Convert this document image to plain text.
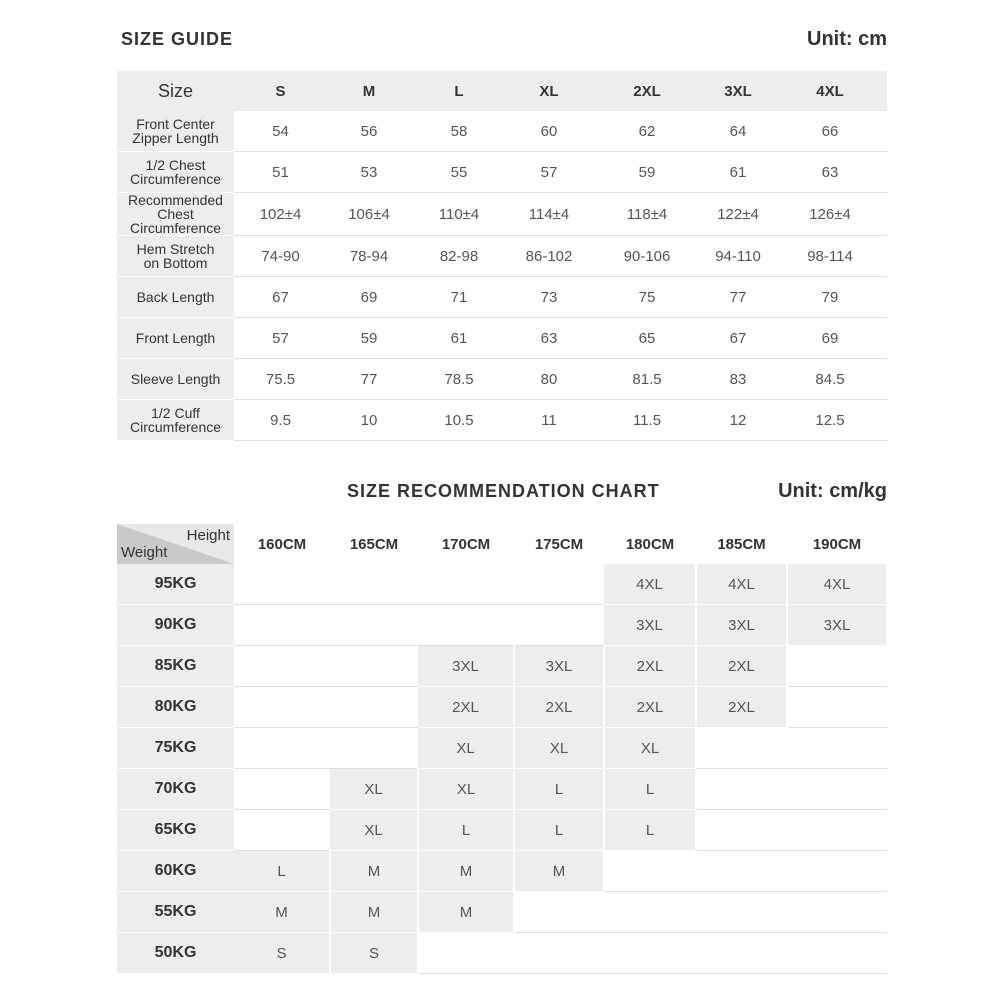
SIZE GUIDE	Unit: cm
Size	S	M	L	XL	2XL	3XL	4XL

Front Center
Zipper Length	54	56	58	60	62	64	66

1/2 Chest
Circumference	51	53	55	57	59	61	63

Recommended
Chest
Circumference	102±4	106±4	110±4	114±4	118±4	122±4	126±4

Hem Stretch
on Bottom	74-90	78-94	82-98	86-102	90-106	94-110	98-114

Back Length	67	69	71	73	75	77	79

Front Length	57	59	61	63	65	67	69

Sleeve Length	75.5	77	78.5	80	81.5	83	84.5

1/2 Cuff
Circumference	9.5	10	10.5	11	11.5	12	12.5
SIZE RECOMMENDATION CHART	Unit: cm/kg
Height
Weight	160CM	165CM	170CM	175CM	180CM	185CM	190CM
95KG					4XL	4XL	4XL
90KG					3XL	3XL	3XL
85KG			3XL	3XL	2XL	2XL	
80KG			2XL	2XL	2XL	2XL	
75KG			XL	XL	XL		
70KG		XL	XL	L	L		
65KG		XL	L	L	L		
60KG	L	M	M	M			
55KG	M	M	M				
50KG	S	S					
